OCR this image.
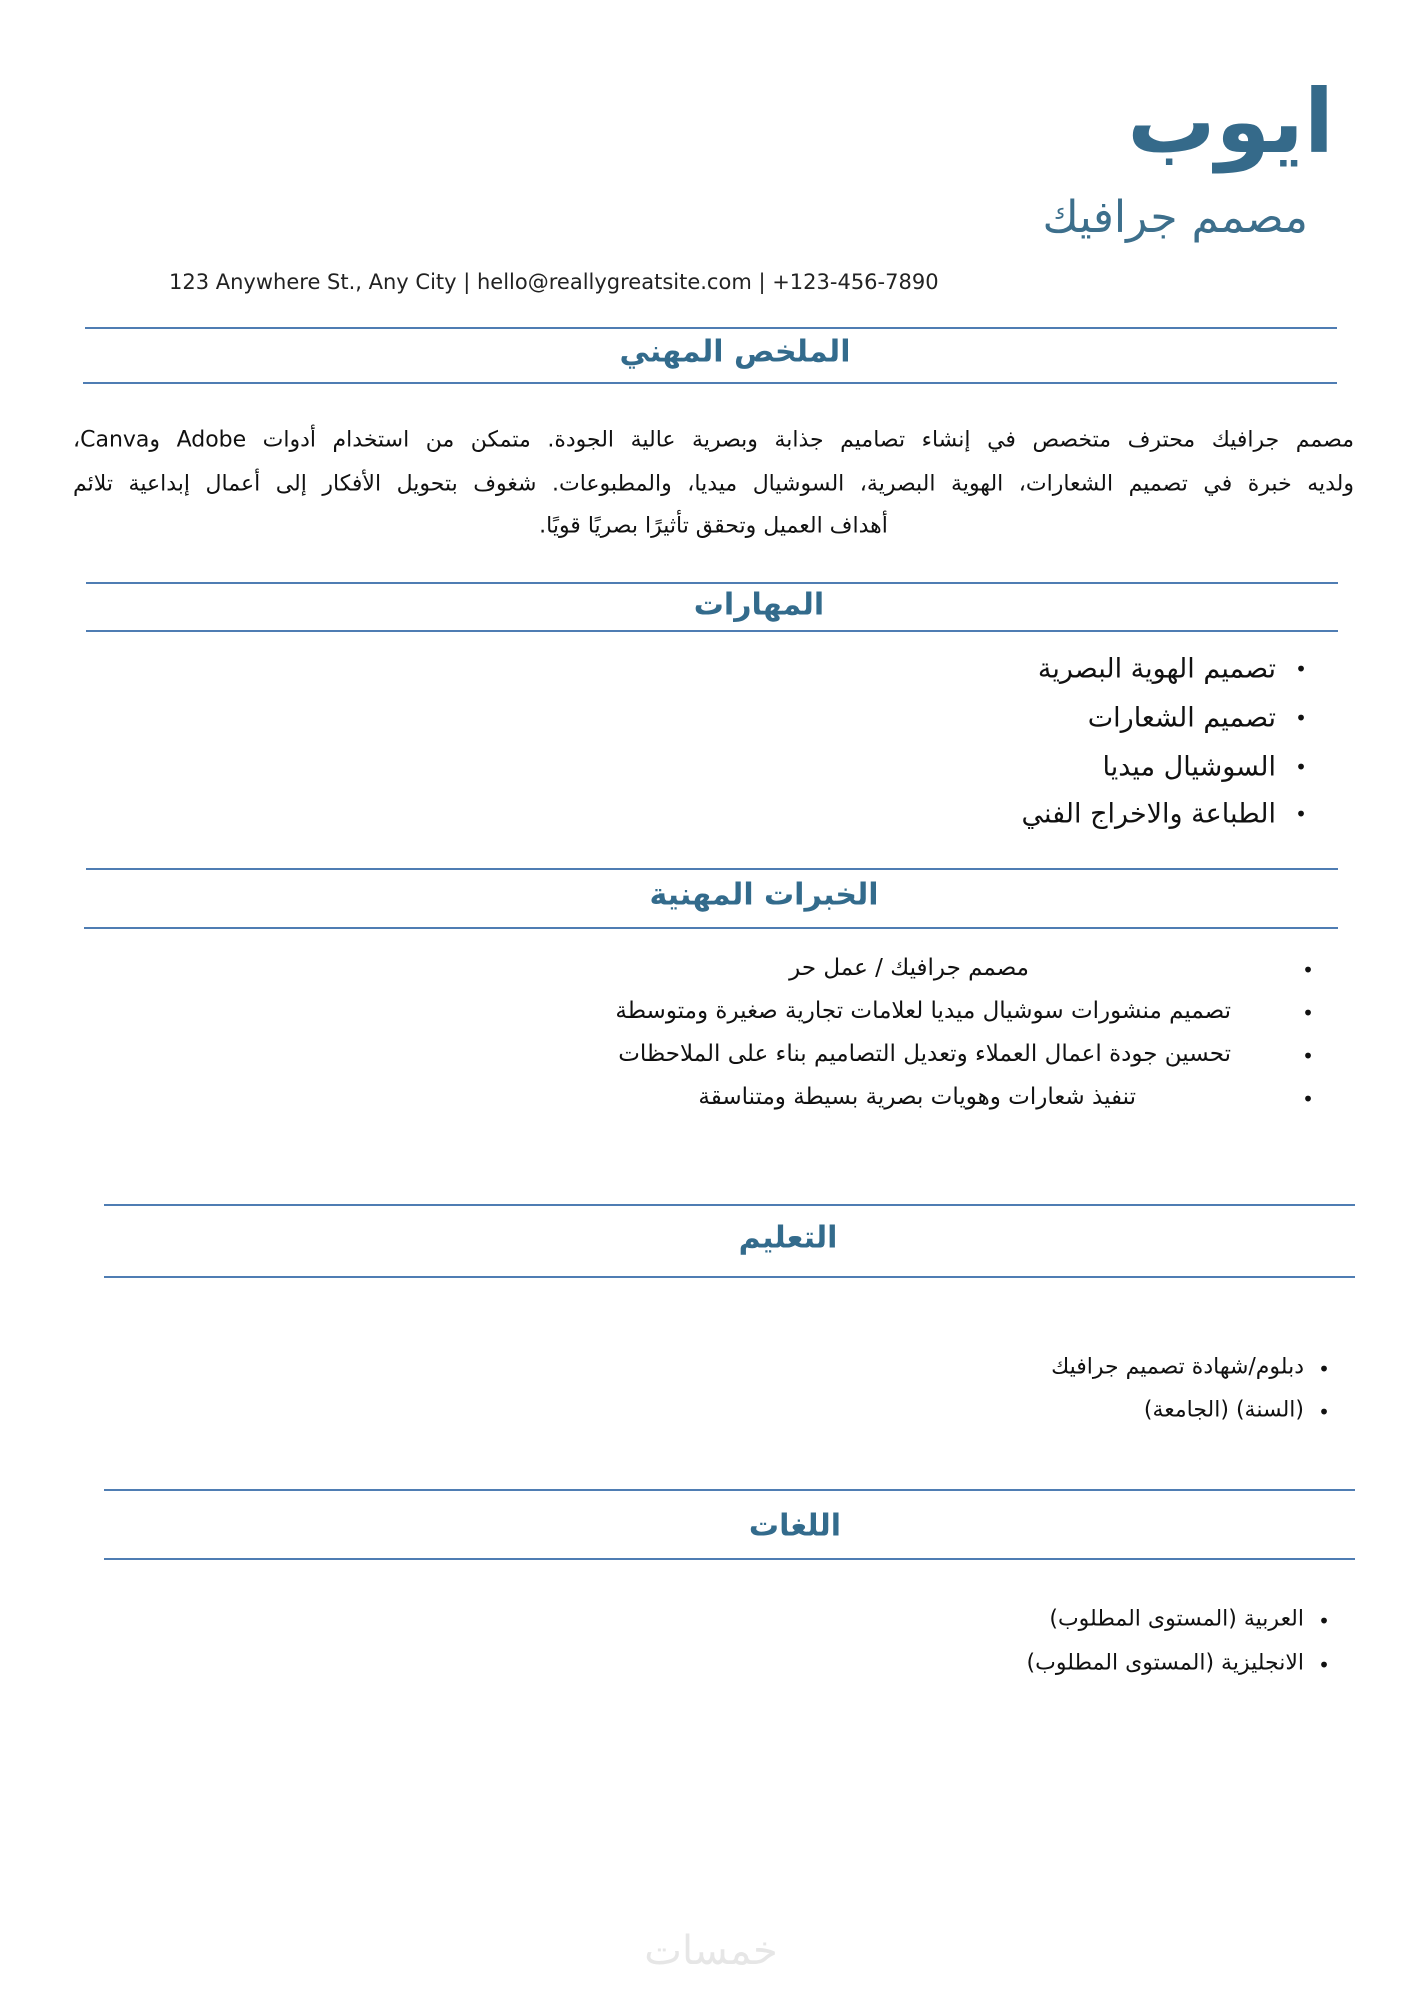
ايوب
مصمم جرافيك
123 Anywhere St., Any City | hello@reallygreatsite.com | +123-456-7890
الملخص المهني
مصمم جرافيك محترف متخصص في إنشاء تصاميم جذابة وبصرية عالية الجودة. متمكن من استخدام أدوات Adobe وCanva،
ولديه خبرة في تصميم الشعارات، الهوية البصرية، السوشيال ميديا، والمطبوعات. شغوف بتحويل الأفكار إلى أعمال إبداعية تلائم
أهداف العميل وتحقق تأثيرًا بصريًا قويًا.
المهارات
•
تصميم الهوية البصرية
•
تصميم الشعارات
•
السوشيال ميديا
•
الطباعة والاخراج الفني
الخبرات المهنية
•
مصمم جرافيك / عمل حر
•
تصميم منشورات سوشيال ميديا لعلامات تجارية صغيرة ومتوسطة
•
تحسين جودة اعمال العملاء وتعديل التصاميم بناء على الملاحظات
•
تنفيذ شعارات وهويات بصرية بسيطة ومتناسقة
التعليم
•
دبلوم/شهادة تصميم جرافيك
•
(السنة) (الجامعة)
اللغات
•
العربية (المستوى المطلوب)
•
الانجليزية (المستوى المطلوب)
خمسات
